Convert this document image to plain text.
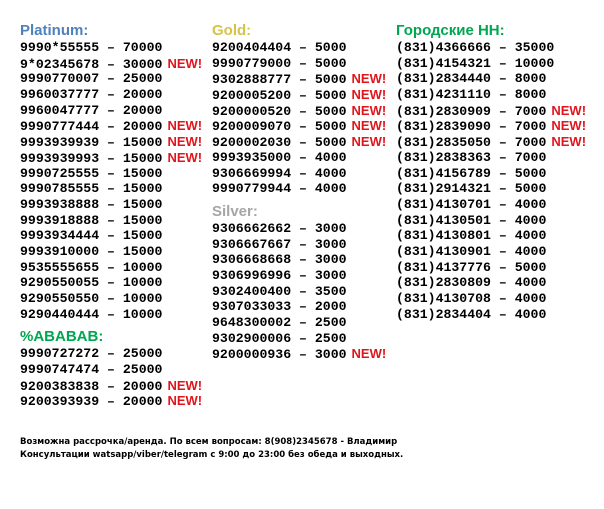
Platinum:
9990*55555 – 70000
9*02345678 – 30000 NEW!
9990770007 – 25000
9960037777 – 20000
9960047777 – 20000
9990777444 – 20000 NEW!
9993939939 – 15000 NEW!
9993939993 – 15000 NEW!
9990725555 – 15000
9990785555 – 15000
9993938888 – 15000
9993918888 – 15000
9993934444 – 15000
9993910000 – 15000
9535555655 – 10000
9290550055 – 10000
9290550550 – 10000
9290440444 – 10000
%ABABAB:
9990727272 – 25000
9990747474 – 25000
9200383838 – 20000 NEW!
9200393939 – 20000 NEW!
Gold:
9200404404 – 5000
9990779000 – 5000
9302888777 – 5000 NEW!
9200005200 – 5000 NEW!
9200000520 – 5000 NEW!
9200009070 – 5000 NEW!
9200002030 – 5000 NEW!
9993935000 – 4000
9306669994 – 4000
9990779944 – 4000
Silver:
9306662662 – 3000
9306667667 – 3000
9306668668 – 3000
9306996996 – 3000
9302400400 – 3500
9307033033 – 2000
9648300002 – 2500
9302900006 – 2500
9200000936 – 3000 NEW!
Городские НН:
(831)4366666 – 35000
(831)4154321 – 10000
(831)2834440 – 8000
(831)4231110 – 8000
(831)2830909 – 7000 NEW!
(831)2839090 – 7000 NEW!
(831)2835050 – 7000 NEW!
(831)2838363 – 7000
(831)4156789 – 5000
(831)2914321 – 5000
(831)4130701 – 4000
(831)4130501 – 4000
(831)4130801 – 4000
(831)4130901 – 4000
(831)4137776 – 5000
(831)2830809 – 4000
(831)4130708 – 4000
(831)2834404 – 4000
Возможна рассрочка/аренда. По всем вопросам: 8(908)2345678 - Владимир
Консультации watsapp/viber/telegram с 9:00 до 23:00 без обеда и выходных.
